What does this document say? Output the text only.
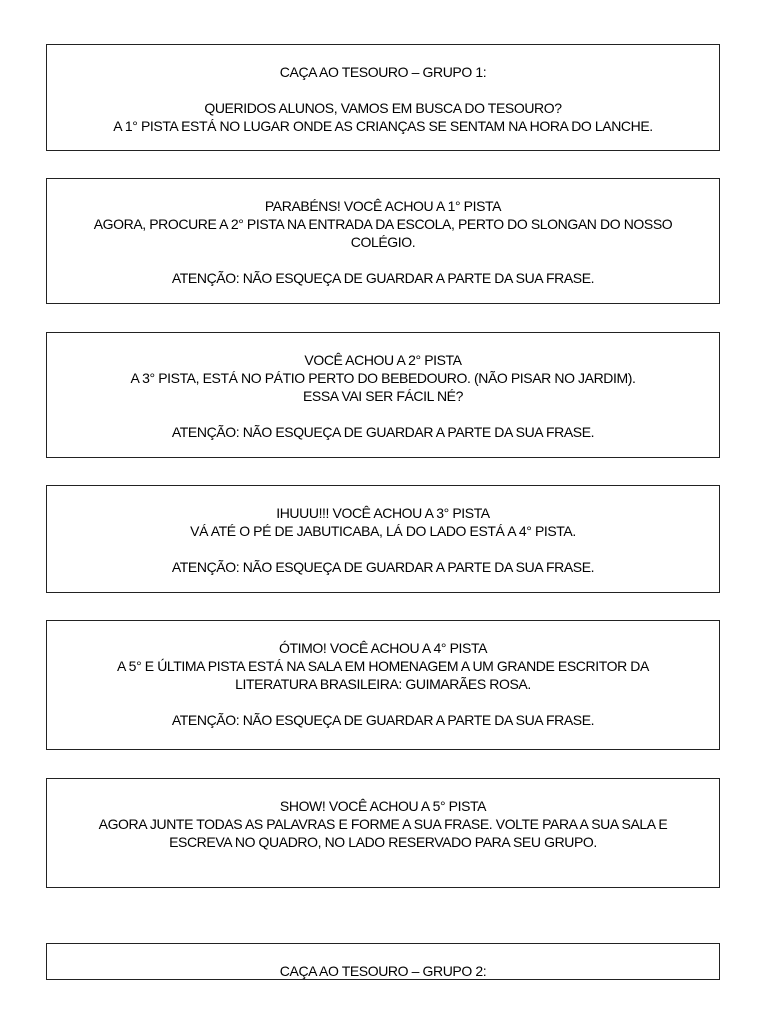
CAÇA AO TESOURO – GRUPO 1:
QUERIDOS ALUNOS, VAMOS EM BUSCA DO TESOURO?
A 1° PISTA ESTÁ NO LUGAR ONDE AS CRIANÇAS SE SENTAM NA HORA DO LANCHE.
PARABÉNS! VOCÊ ACHOU A 1° PISTA
AGORA, PROCURE A 2° PISTA NA ENTRADA DA ESCOLA, PERTO DO SLONGAN DO NOSSO
COLÉGIO.
ATENÇÃO: NÃO ESQUEÇA DE GUARDAR A PARTE DA SUA FRASE.
VOCÊ ACHOU A 2° PISTA
A 3° PISTA, ESTÁ NO PÁTIO PERTO DO BEBEDOURO. (NÃO PISAR NO JARDIM).
ESSA VAI SER FÁCIL NÉ?
ATENÇÃO: NÃO ESQUEÇA DE GUARDAR A PARTE DA SUA FRASE.
IHUUU!!! VOCÊ ACHOU A 3° PISTA
VÁ ATÉ O PÉ DE JABUTICABA, LÁ DO LADO ESTÁ A 4° PISTA.
ATENÇÃO: NÃO ESQUEÇA DE GUARDAR A PARTE DA SUA FRASE.
ÓTIMO! VOCÊ ACHOU A 4° PISTA
A 5° E ÚLTIMA PISTA ESTÁ NA SALA EM HOMENAGEM A UM GRANDE ESCRITOR DA
LITERATURA BRASILEIRA: GUIMARÃES ROSA.
ATENÇÃO: NÃO ESQUEÇA DE GUARDAR A PARTE DA SUA FRASE.
SHOW! VOCÊ ACHOU A 5° PISTA
AGORA JUNTE TODAS AS PALAVRAS E FORME A SUA FRASE. VOLTE PARA A SUA SALA E
ESCREVA NO QUADRO, NO LADO RESERVADO PARA SEU GRUPO.
CAÇA AO TESOURO – GRUPO 2:
